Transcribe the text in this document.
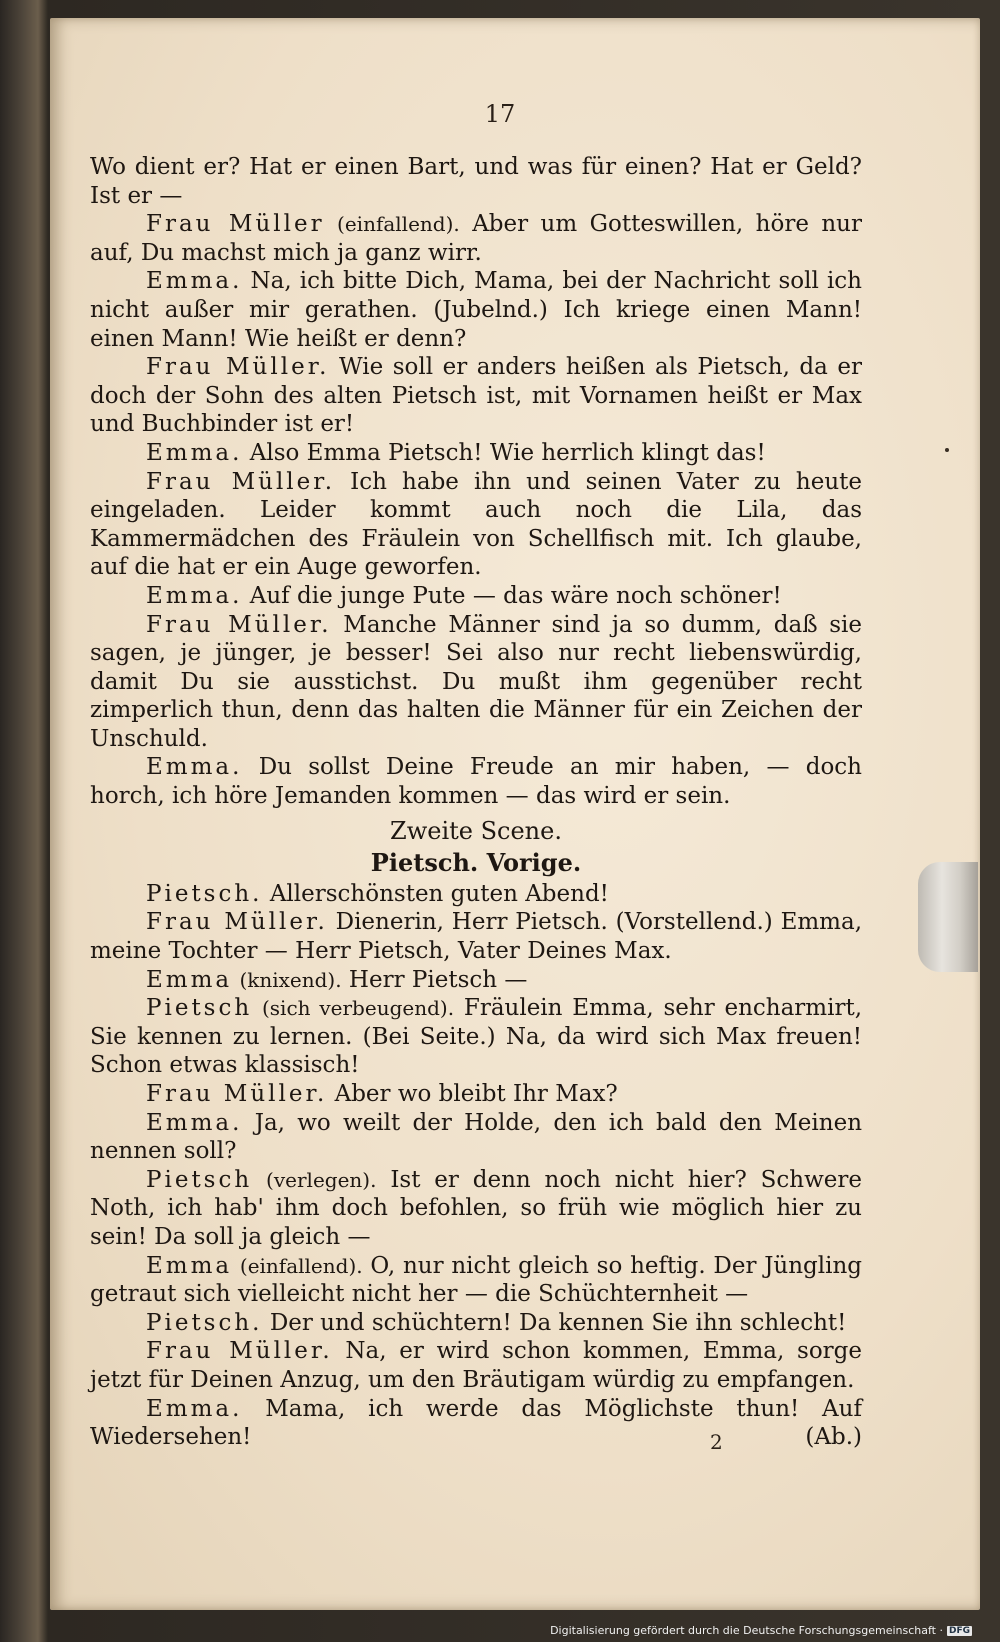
17

Wo dient er? Hat er einen Bart, und was für einen? Hat er Geld? Ist er —

Frau Müller (einfallend). Aber um Gotteswillen, höre nur auf, Du machst mich ja ganz wirr.

Emma. Na, ich bitte Dich, Mama, bei der Nachricht soll ich nicht außer mir gerathen. (Jubelnd.) Ich kriege einen Mann! einen Mann! Wie heißt er denn?

Frau Müller. Wie soll er anders heißen als Pietsch, da er doch der Sohn des alten Pietsch ist, mit Vornamen heißt er Max und Buchbinder ist er!

Emma. Also Emma Pietsch! Wie herrlich klingt das!

Frau Müller. Ich habe ihn und seinen Vater zu heute eingeladen. Leider kommt auch noch die Lila, das Kammermädchen des Fräulein von Schellfisch mit. Ich glaube, auf die hat er ein Auge geworfen.

Emma. Auf die junge Pute — das wäre noch schöner!

Frau Müller. Manche Männer sind ja so dumm, daß sie sagen, je jünger, je besser! Sei also nur recht liebenswürdig, damit Du sie ausstichst. Du mußt ihm gegenüber recht zimperlich thun, denn das halten die Männer für ein Zeichen der Unschuld.

Emma. Du sollst Deine Freude an mir haben, — doch horch, ich höre Jemanden kommen — das wird er sein.

Zweite Scene.
Pietsch. Vorige.

Pietsch. Allerschönsten guten Abend!

Frau Müller. Dienerin, Herr Pietsch. (Vorstellend.) Emma, meine Tochter — Herr Pietsch, Vater Deines Max.

Emma (knixend). Herr Pietsch —

Pietsch (sich verbeugend). Fräulein Emma, sehr encharmirt, Sie kennen zu lernen. (Bei Seite.) Na, da wird sich Max freuen! Schon etwas klassisch!

Frau Müller. Aber wo bleibt Ihr Max?

Emma. Ja, wo weilt der Holde, den ich bald den Meinen nennen soll?

Pietsch (verlegen). Ist er denn noch nicht hier? Schwere Noth, ich hab' ihm doch befohlen, so früh wie möglich hier zu sein! Da soll ja gleich —

Emma (einfallend). O, nur nicht gleich so heftig. Der Jüngling getraut sich vielleicht nicht her — die Schüchternheit —

Pietsch. Der und schüchtern! Da kennen Sie ihn schlecht!

Frau Müller. Na, er wird schon kommen, Emma, sorge jetzt für Deinen Anzug, um den Bräutigam würdig zu empfangen.

Emma. Mama, ich werde das Möglichste thun! Auf Wiedersehen!	(Ab.)

2
Digitalisierung gefördert durch die Deutsche Forschungsgemeinschaft · DFG
